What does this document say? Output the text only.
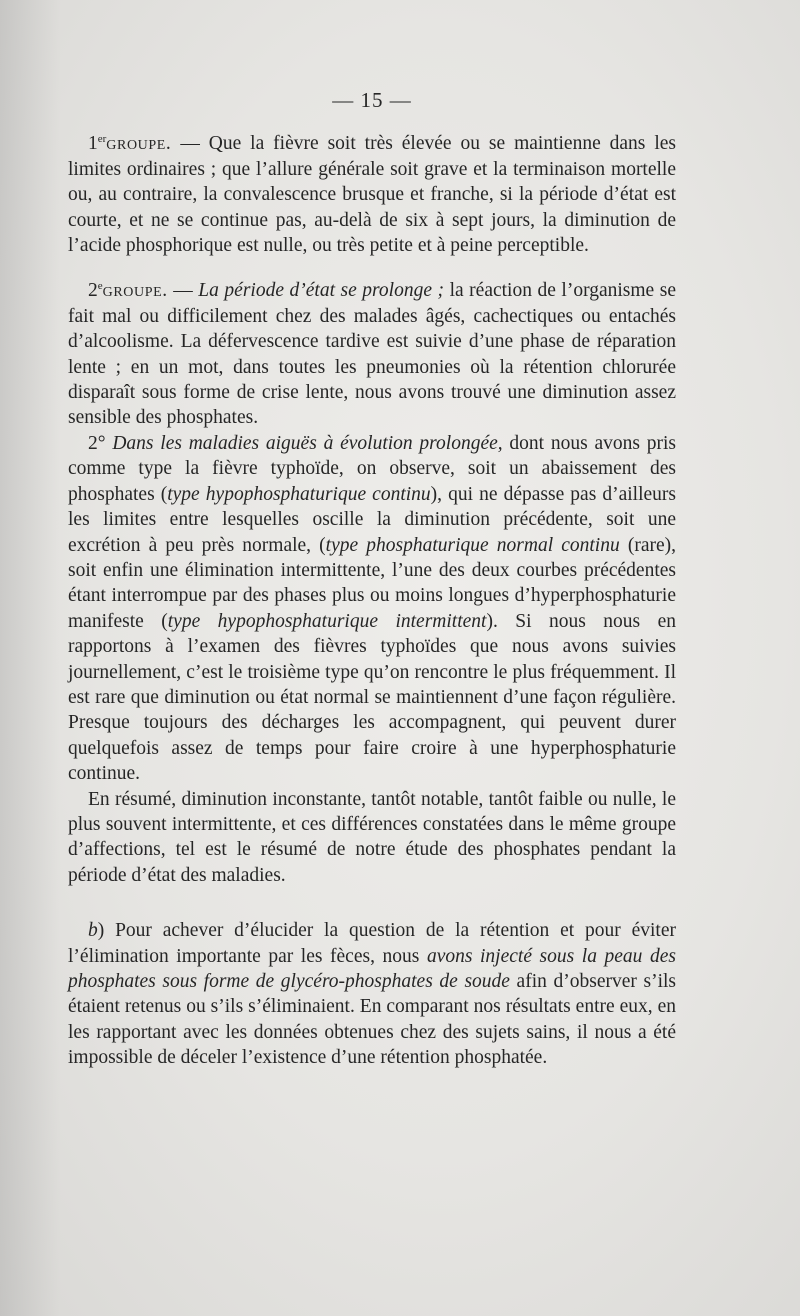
— 15 —

1ergroupe. — Que la fièvre soit très élevée ou se maintienne dans les limites ordinaires ; que l’allure générale soit grave et la terminaison mortelle ou, au contraire, la convalescence brusque et franche, si la période d’état est courte, et ne se continue pas, au-delà de six à sept jours, la diminution de l’acide phosphorique est nulle, ou très petite et à peine perceptible.

2egroupe. — La période d’état se prolonge ; la réaction de l’organisme se fait mal ou difficilement chez des malades âgés, cachectiques ou entachés d’alcoolisme. La défervescence tardive est suivie d’une phase de réparation lente ; en un mot, dans toutes les pneumonies où la rétention chlorurée disparaît sous forme de crise lente, nous avons trouvé une diminution assez sensible des phosphates.

2° Dans les maladies aiguës à évolution prolongée, dont nous avons pris comme type la fièvre typhoïde, on observe, soit un abaissement des phosphates (type hypophosphaturique continu), qui ne dépasse pas d’ailleurs les limites entre lesquelles oscille la diminution précédente, soit une excrétion à peu près normale, (type phosphaturique normal continu (rare), soit enfin une élimination intermittente, l’une des deux courbes précédentes étant interrompue par des phases plus ou moins longues d’hyperphosphaturie manifeste (type hypophosphaturique intermittent). Si nous nous en rapportons à l’examen des fièvres typhoïdes que nous avons suivies journellement, c’est le troisième type qu’on rencontre le plus fréquemment. Il est rare que diminution ou état normal se maintiennent d’une façon régulière. Presque toujours des décharges les accompagnent, qui peuvent durer quelquefois assez de temps pour faire croire à une hyperphosphaturie continue.

En résumé, diminution inconstante, tantôt notable, tantôt faible ou nulle, le plus souvent intermittente, et ces différences constatées dans le même groupe d’affections, tel est le résumé de notre étude des phosphates pendant la période d’état des maladies.

b) Pour achever d’élucider la question de la rétention et pour éviter l’élimination importante par les fèces, nous avons injecté sous la peau des phosphates sous forme de glycéro-phosphates de soude afin d’observer s’ils étaient retenus ou s’ils s’éliminaient. En comparant nos résultats entre eux, en les rapportant avec les données obtenues chez des sujets sains, il nous a été impossible de déceler l’existence d’une rétention phosphatée.
